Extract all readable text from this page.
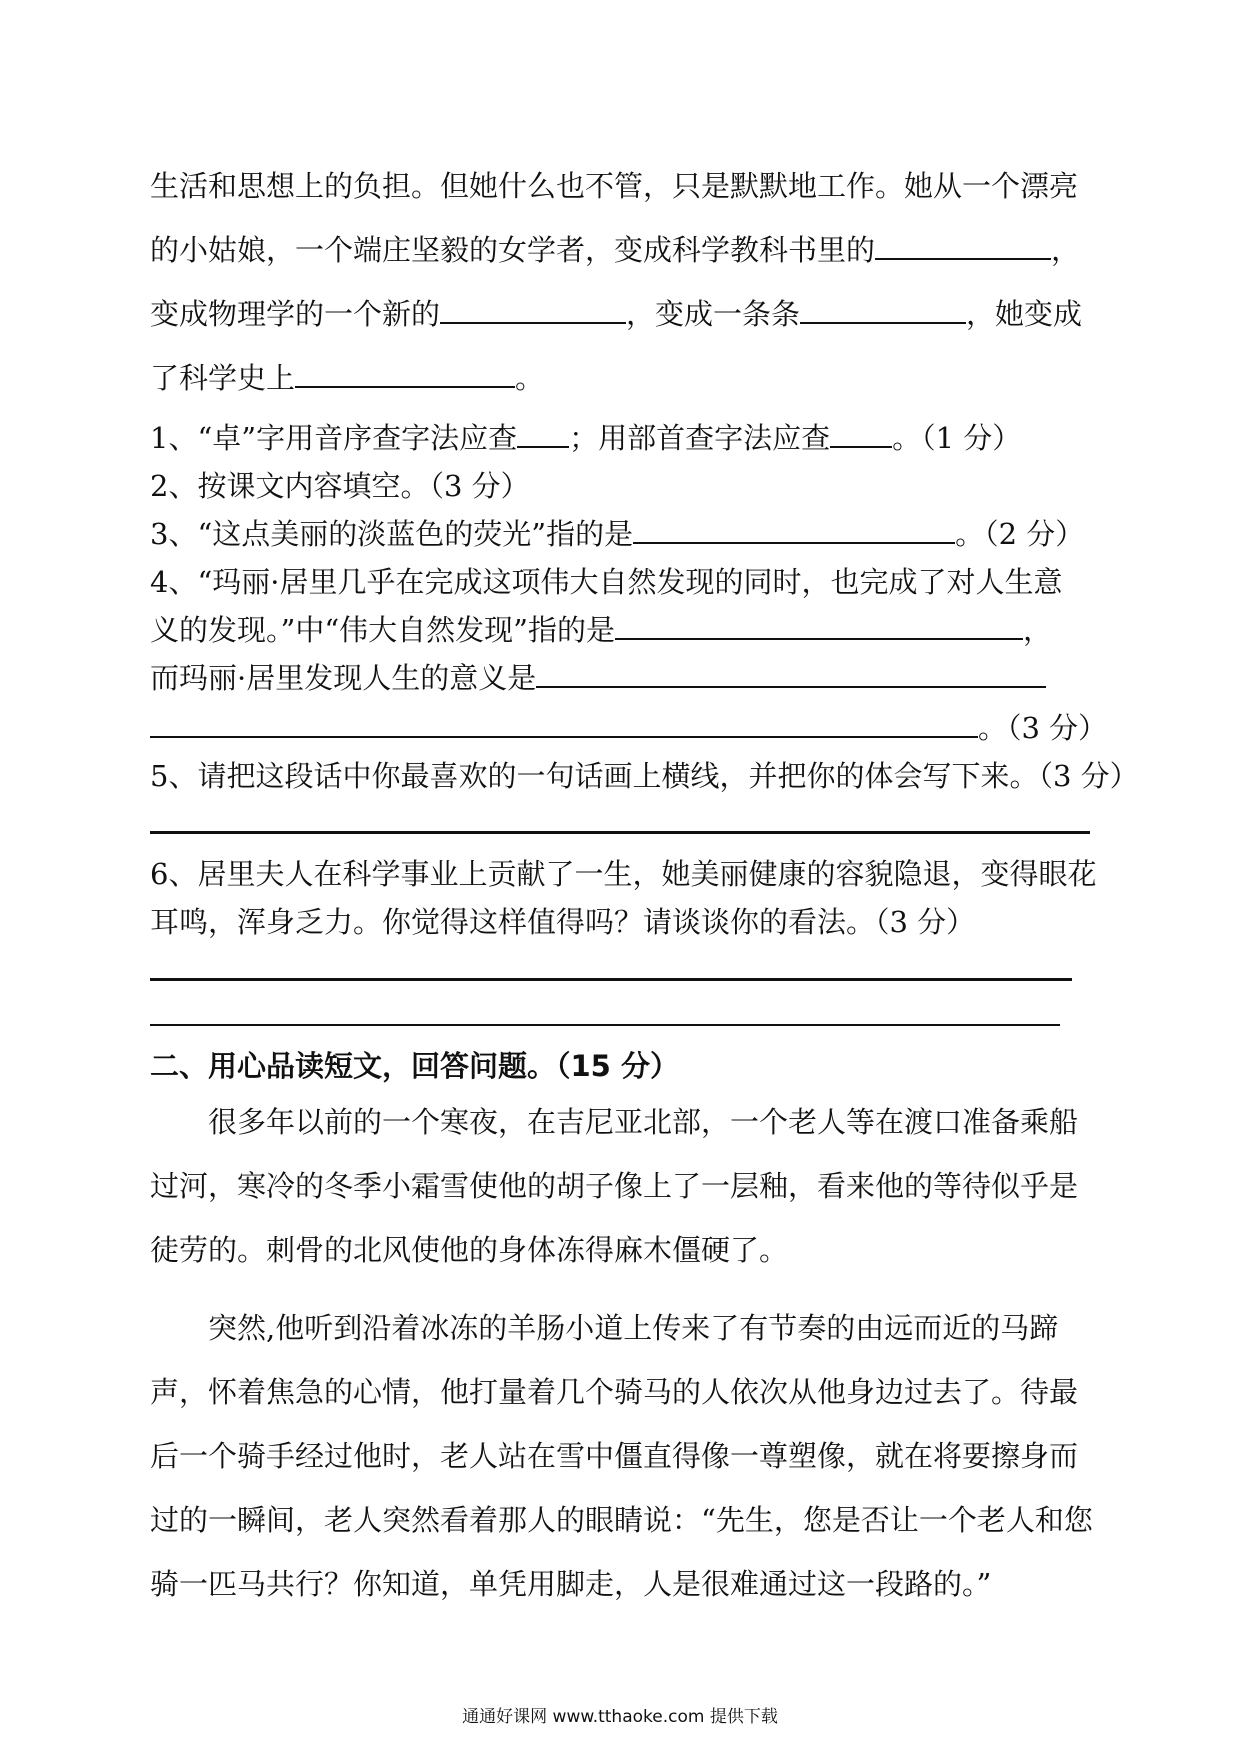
生活和思想上的负担。但她什么也不管，只是默默地工作。她从一个漂亮
的小姑娘，一个端庄坚毅的女学者，变成科学教科书里的	，
变成物理学的一个新的	，变成一条条	，她变成
了科学史上	。
1、“卓”字用音序查字法应查 ；用部首查字法应查 。（1 分）
2、按课文内容填空。（3 分）
3、“这点美丽的淡蓝色的荧光”指的是	。（2 分）
4、“玛丽·居里几乎在完成这项伟大自然发现的同时，也完成了对人生意
义的发现。”中“伟大自然发现”指的是	，
而玛丽·居里发现人生的意义是
。（3 分）
5、请把这段话中你最喜欢的一句话画上横线，并把你的体会写下来。（3 分）
6、居里夫人在科学事业上贡献了一生，她美丽健康的容貌隐退，变得眼花
耳鸣，浑身乏力。你觉得这样值得吗？请谈谈你的看法。（3 分）
二、用心品读短文，回答问题。（15 分）
很多年以前的一个寒夜，在吉尼亚北部，一个老人等在渡口准备乘船
过河，寒冷的冬季小霜雪使他的胡子像上了一层釉，看来他的等待似乎是
徒劳的。刺骨的北风使他的身体冻得麻木僵硬了。
突然,他听到沿着冰冻的羊肠小道上传来了有节奏的由远而近的马蹄
声，怀着焦急的心情，他打量着几个骑马的人依次从他身边过去了。待最
后一个骑手经过他时，老人站在雪中僵直得像一尊塑像，就在将要擦身而
过的一瞬间，老人突然看着那人的眼睛说：“先生，您是否让一个老人和您
骑一匹马共行？你知道，单凭用脚走，人是很难通过这一段路的。”
通通好课网 www.tthaoke.com 提供下载
